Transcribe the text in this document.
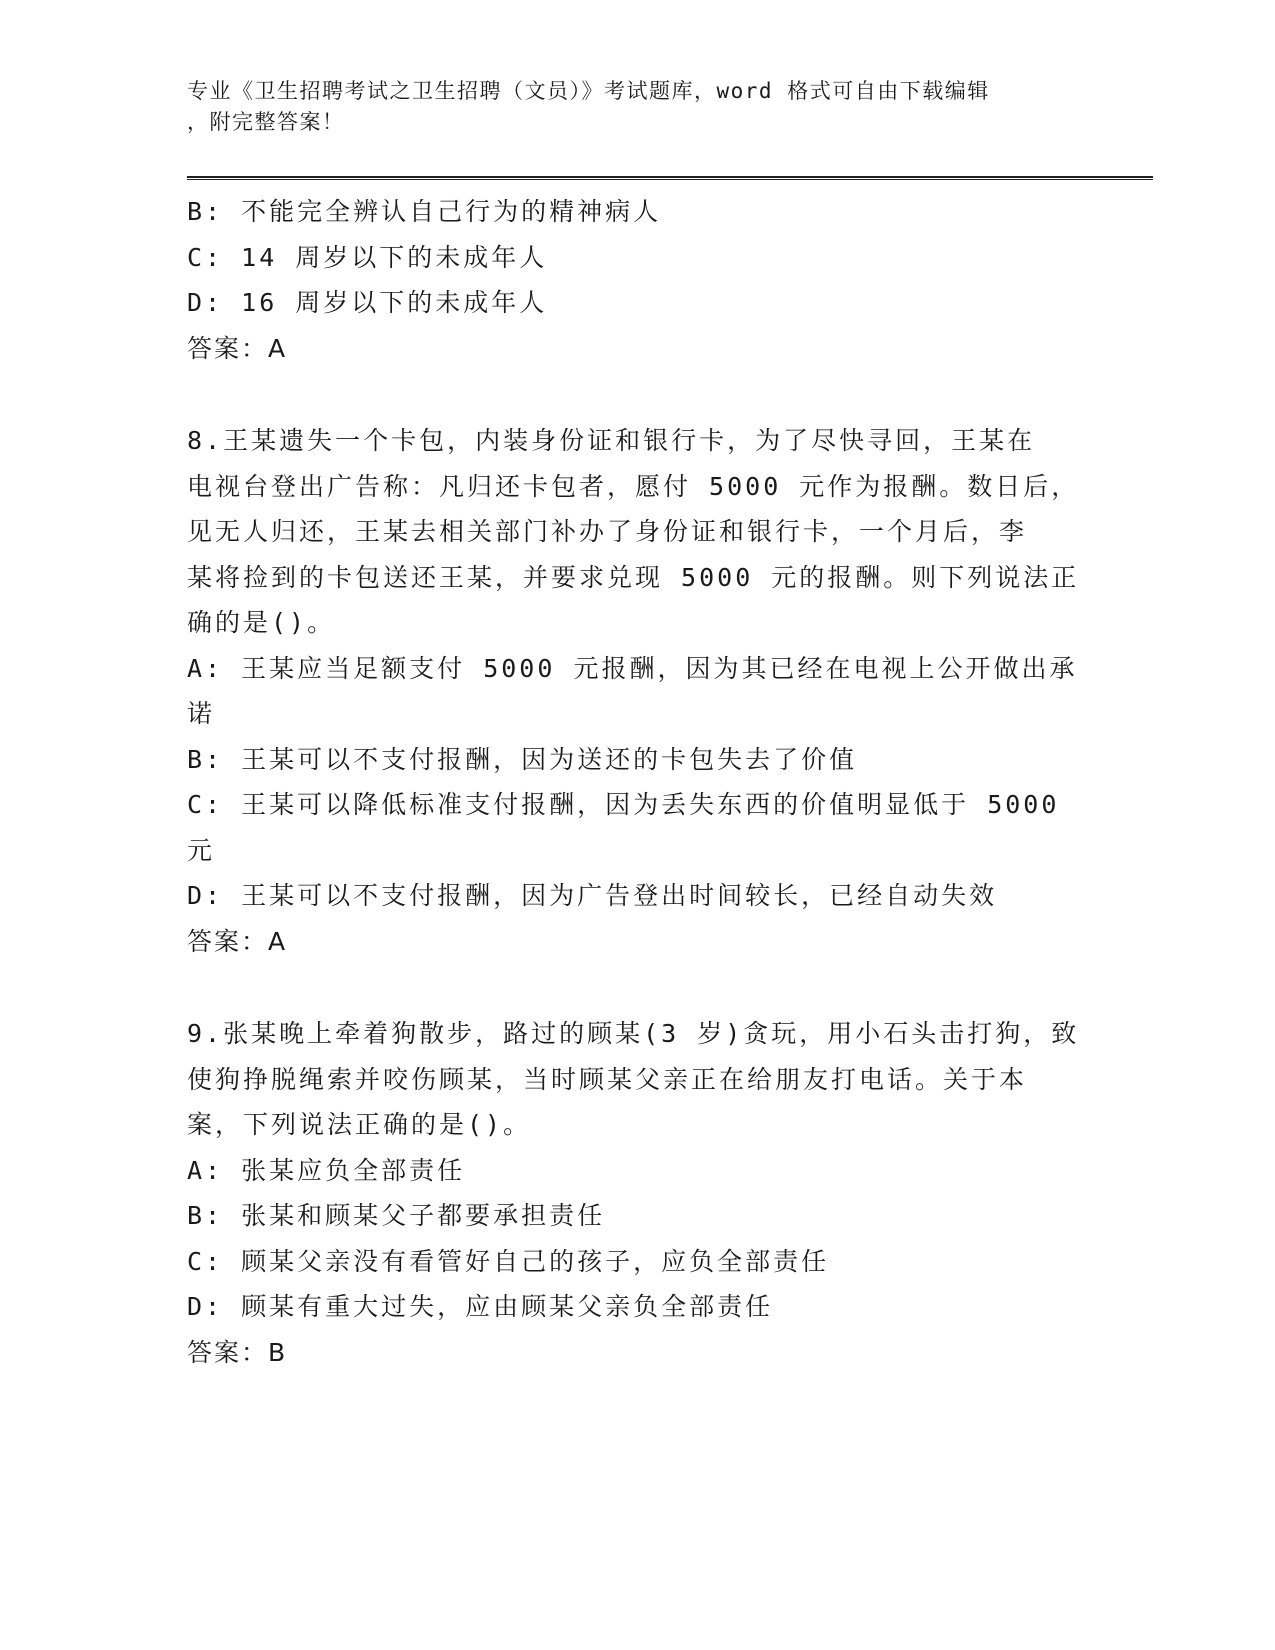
专业《卫生招聘考试之卫生招聘（文员）》考试题库，word 格式可自由下载编辑
，附完整答案！
B: 不能完全辨认自己行为的精神病人
C: 14 周岁以下的未成年人
D: 16 周岁以下的未成年人
答案：A
8.王某遗失一个卡包，内装身份证和银行卡，为了尽快寻回，王某在
电视台登出广告称：凡归还卡包者，愿付 5000 元作为报酬。数日后，
见无人归还，王某去相关部门补办了身份证和银行卡，一个月后，李
某将捡到的卡包送还王某，并要求兑现 5000 元的报酬。则下列说法正
确的是()。
A: 王某应当足额支付 5000 元报酬，因为其已经在电视上公开做出承
诺
B: 王某可以不支付报酬，因为送还的卡包失去了价值
C: 王某可以降低标准支付报酬，因为丢失东西的价值明显低于 5000
元
D: 王某可以不支付报酬，因为广告登出时间较长，已经自动失效
答案：A
9.张某晚上牵着狗散步，路过的顾某(3 岁)贪玩，用小石头击打狗，致
使狗挣脱绳索并咬伤顾某，当时顾某父亲正在给朋友打电话。关于本
案，下列说法正确的是()。
A: 张某应负全部责任
B: 张某和顾某父子都要承担责任
C: 顾某父亲没有看管好自己的孩子，应负全部责任
D: 顾某有重大过失，应由顾某父亲负全部责任
答案：B
